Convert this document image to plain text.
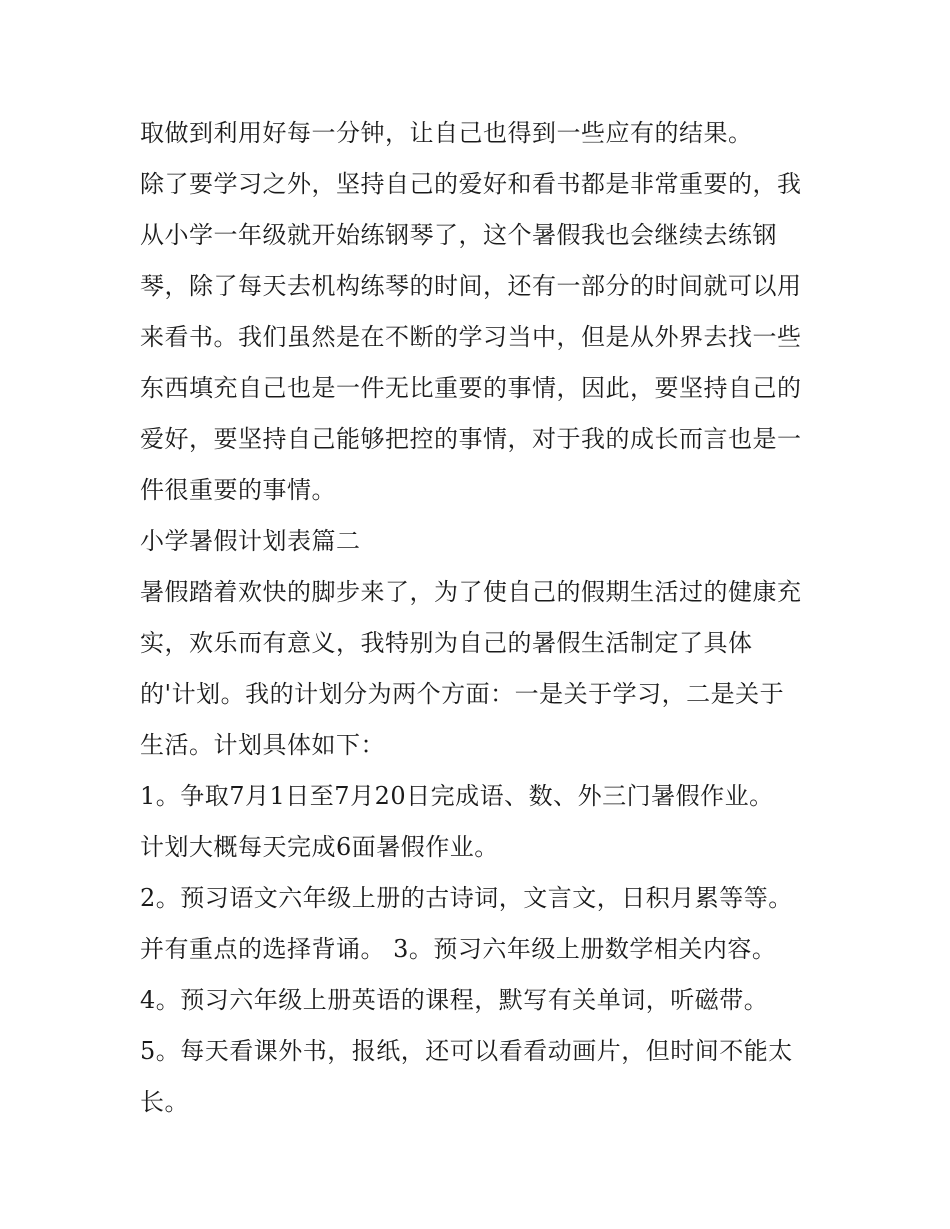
取做到利用好每一分钟，让自己也得到一些应有的结果。
除了要学习之外，坚持自己的爱好和看书都是非常重要的，我
从小学一年级就开始练钢琴了，这个暑假我也会继续去练钢
琴，除了每天去机构练琴的时间，还有一部分的时间就可以用
来看书。我们虽然是在不断的学习当中，但是从外界去找一些
东西填充自己也是一件无比重要的事情，因此，要坚持自己的
爱好，要坚持自己能够把控的事情，对于我的成长而言也是一
件很重要的事情。
小学暑假计划表篇二
暑假踏着欢快的脚步来了，为了使自己的假期生活过的健康充
实，欢乐而有意义，我特别为自己的暑假生活制定了具体
的'计划。我的计划分为两个方面：一是关于学习，二是关于
生活。计划具体如下：
1。争取7月1日至7月20日完成语、数、外三门暑假作业。
计划大概每天完成6面暑假作业。
2。预习语文六年级上册的古诗词，文言文，日积月累等等。
并有重点的选择背诵。 3。预习六年级上册数学相关内容。
4。预习六年级上册英语的课程，默写有关单词，听磁带。
5。每天看课外书，报纸，还可以看看动画片，但时间不能太
长。
